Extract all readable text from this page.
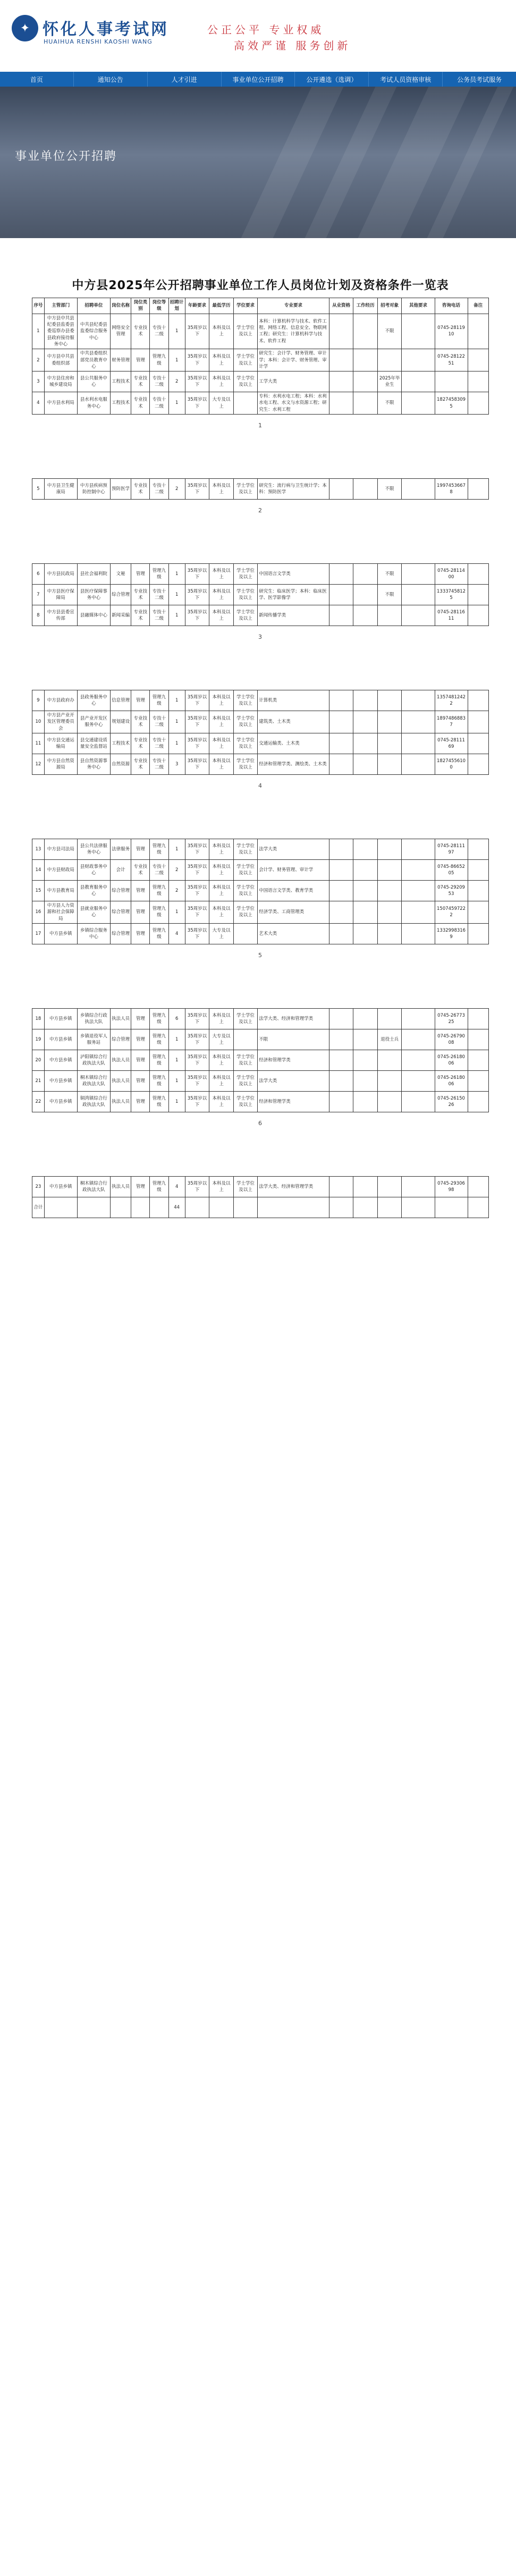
✦ 怀化人事考试网
HUAIHUA RENSHI KAOSHI WANG
公正公平 专业权威
高效严谨 服务创新
首页	通知公告	人才引进	事业单位公开招聘	公开遴选（选调）	考试人员资格审核	公务员考试服务
事业单位公开招聘
中方县2025年公开招聘事业单位工作人员岗位计划及资格条件一览表
序号	主管部门	招聘单位	岗位名称	岗位类别	岗位等级	招聘计划	年龄要求	最低学历	学位要求	专业要求	从业资格	工作经历	招考对象	其他要求	咨询电话	备注
1	中方县中共县纪委县监委县委巡察办县委县政府接待服务中心	中共县纪委县监委综合服务中心	网络安全管理	专业技术	专技十二级	1	35周岁以下	本科及以上	学士学位及以上	本科：计算机科学与技术、软件工程、网络工程、信息安全、物联网工程；研究生：计算机科学与技术、软件工程			不限		0745-2811910	
2	中方县中共县委组织部	中共县委组织部党员教育中心	财务管理	管理	管理九级	1	35周岁以下	本科及以上	学士学位及以上	研究生：会计学、财务管理、审计学；本科：会计学、财务管理、审计学					0745-2812251	
3	中方县住房和城乡建设局	县公共服务中心	工程技术	专业技术	专技十二级	2	35周岁以下	本科及以上	学士学位及以上	工学大类			2025年毕业生			
4	中方县水利局	县水利水电服务中心	工程技术	专业技术	专技十二级	1	35周岁以下	大专及以上		专科：水利水电工程；本科：水利水电工程、水文与水资源工程；研究生：水利工程			不限		18274583095	
1
5	中方县卫生健康局	中方县疾病预防控制中心	预防医学	专业技术	专技十二级	2	35周岁以下	本科及以上	学士学位及以上	研究生：流行病与卫生统计学；本科：预防医学			不限		19974536678	
2
6	中方县民政局	县社会福利院	文秘	管理	管理九级	1	35周岁以下	本科及以上	学士学位及以上	中国语言文学类			不限		0745-2811400	
7	中方县医疗保障局	县医疗保障事务中心	综合管理	专业技术	专技十二级	1	35周岁以下	本科及以上	学士学位及以上	研究生：临床医学；本科：临床医学、医学影像学			不限		13337458125	
8	中方县县委宣传部	县融媒体中心	新闻采编	专业技术	专技十二级	1	35周岁以下	本科及以上	学士学位及以上	新闻传播学类					0745-2811611	
3
9	中方县政府办	县政务服务中心	信息管理	管理	管理九级	1	35周岁以下	本科及以上	学士学位及以上	计算机类					13574812422	
10	中方县产业开发区管理委员会	县产业开发区服务中心	规划建设	专业技术	专技十二级	1	35周岁以下	本科及以上	学士学位及以上	建筑类、土木类					18974868837	
11	中方县交通运输局	县交通建设质量安全监督站	工程技术	专业技术	专技十二级	1	35周岁以下	本科及以上	学士学位及以上	交通运输类、土木类					0745-2811169	
12	中方县自然资源局	县自然资源事务中心	自然资源	专业技术	专技十二级	3	35周岁以下	本科及以上	学士学位及以上	经济和管理学类、测绘类、土木类					18274556100	
4
13	中方县司法局	县公共法律服务中心	法律服务	管理	管理九级	1	35周岁以下	本科及以上	学士学位及以上	法学大类					0745-2811197	
14	中方县财政局	县财政事务中心	会计	专业技术	专技十二级	2	35周岁以下	本科及以上	学士学位及以上	会计学、财务管理、审计学					0745-8665205	
15	中方县教育局	县教育服务中心	综合管理	管理	管理九级	2	35周岁以下	本科及以上	学士学位及以上	中国语言文学类、教育学类					0745-2920953	
16	中方县人力资源和社会保障局	县就业服务中心	综合管理	管理	管理九级	1	35周岁以下	本科及以上	学士学位及以上	经济学类、工商管理类					15074597222	
17	中方县乡镇	乡镇综合服务中心	综合管理	管理	管理九级	4	35周岁以下	大专及以上		艺术大类					13329983169	
5
18	中方县乡镇	乡镇综合行政执法大队	执法人员	管理	管理九级	6	35周岁以下	本科及以上	学士学位及以上	法学大类、经济和管理学类					0745-2677325	
19	中方县乡镇	乡镇退役军人服务站	综合管理	管理	管理九级	1	35周岁以下	大专及以上		不限			退役士兵		0745-2679008	
20	中方县乡镇	泸阳镇综合行政执法大队	执法人员	管理	管理九级	1	35周岁以下	本科及以上	学士学位及以上	经济和管理学类					0745-2618006	
21	中方县乡镇	桐木镇综合行政执法大队	执法人员	管理	管理九级	1	35周岁以下	本科及以上	学士学位及以上	法学大类					0745-2618006	
22	中方县乡镇	铜湾镇综合行政执法大队	执法人员	管理	管理九级	1	35周岁以下	本科及以上	学士学位及以上	经济和管理学类					0745-2615026	
6
23	中方县乡镇	桐木镇综合行政执法大队	执法人员	管理	管理九级	4	35周岁以下	本科及以上	学士学位及以上	法学大类、经济和管理学类					0745-2930698	
合计						44										
